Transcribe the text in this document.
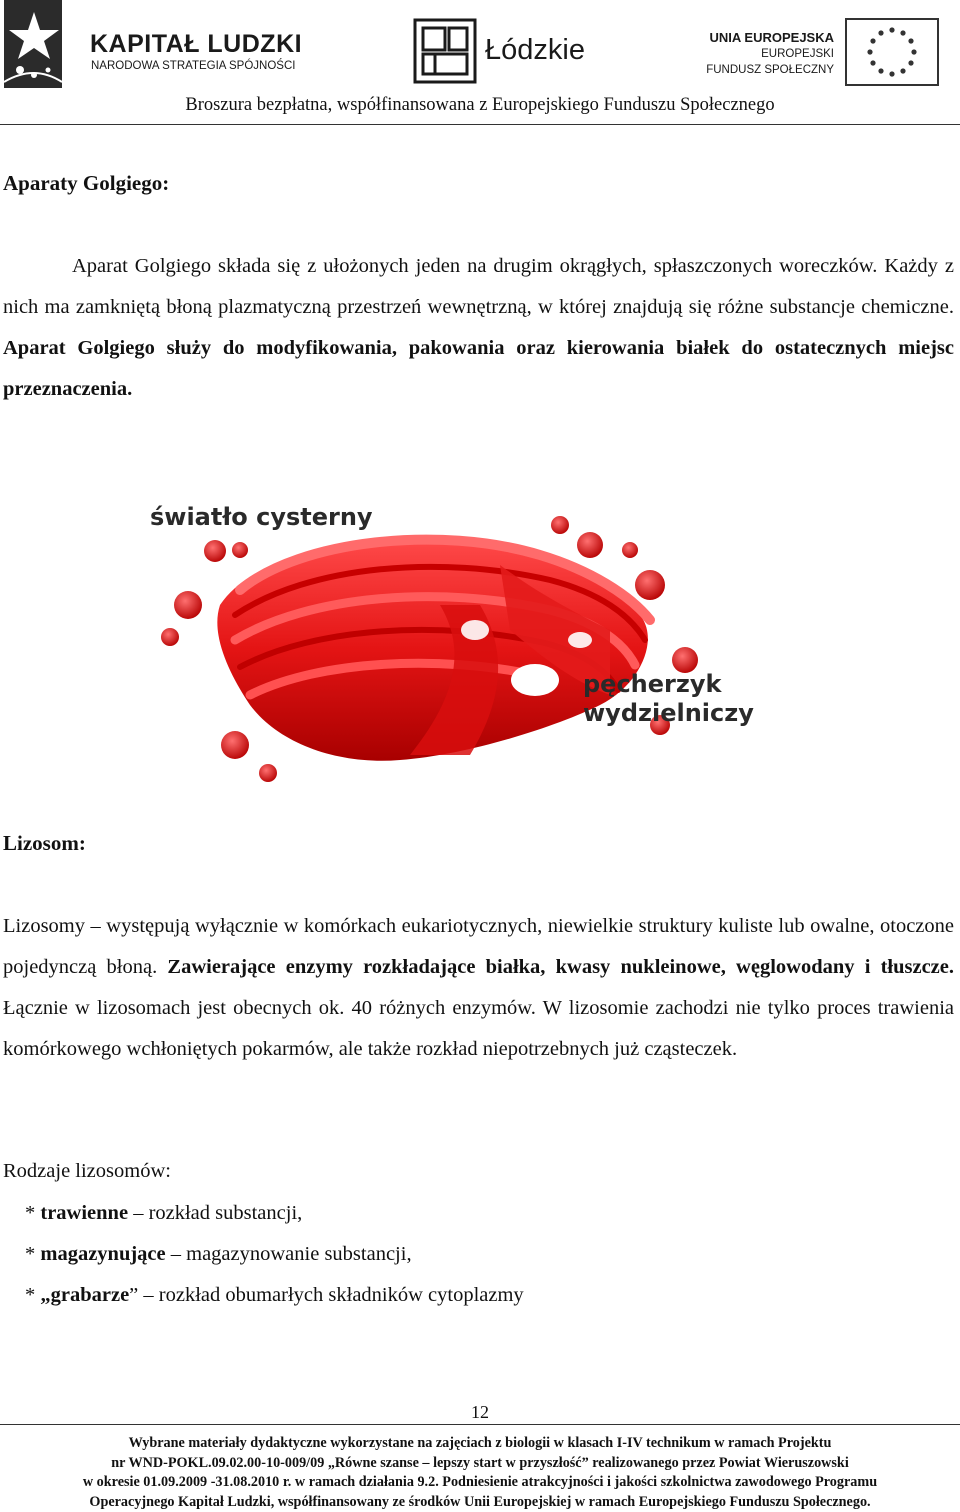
KAPITAŁ LUDZKI
NARODOWA STRATEGIA SPÓJNOŚCI	Łódzkie	UNIA EUROPEJSKA
EUROPEJSKI
FUNDUSZ SPOŁECZNY
Broszura bezpłatna, współfinansowana z Europejskiego Funduszu Społecznego
Aparaty Golgiego:

Aparat Golgiego składa się z ułożonych jeden na drugim okrągłych, spłaszczonych woreczków. Każdy z nich ma zamkniętą błoną plazmatyczną przestrzeń wewnętrzną, w której znajdują się różne substancje chemiczne. Aparat Golgiego służy do modyfikowania, pakowania oraz kierowania białek do ostatecznych miejsc przeznaczenia.

światło cysterny
pęcherzyk
wydzielniczy
Lizosom:

Lizosomy – występują wyłącznie w komórkach eukariotycznych, niewielkie struktury kuliste lub owalne, otoczone pojedynczą błoną. Zawierające enzymy rozkładające białka, kwasy nukleinowe, węglowodany i tłuszcze. Łącznie w lizosomach jest obecnych ok. 40 różnych enzymów. W lizosomie zachodzi nie tylko proces trawienia komórkowego wchłoniętych pokarmów, ale także rozkład niepotrzebnych już cząsteczek.

Rodzaje lizosomów:
* trawienne – rozkład substancji,
* magazynujące – magazynowanie substancji,
* „grabarze” – rozkład obumarłych składników cytoplazmy
12
Wybrane materiały dydaktyczne wykorzystane na zajęciach z biologii w klasach I-IV technikum w ramach Projektu
nr WND-POKL.09.02.00-10-009/09 „Równe szanse – lepszy start w przyszłość” realizowanego przez Powiat Wieruszowski
w okresie 01.09.2009 -31.08.2010 r. w ramach działania 9.2. Podniesienie atrakcyjności i jakości szkolnictwa zawodowego Programu
Operacyjnego Kapitał Ludzki, współfinansowany ze środków Unii Europejskiej w ramach Europejskiego Funduszu Społecznego.
